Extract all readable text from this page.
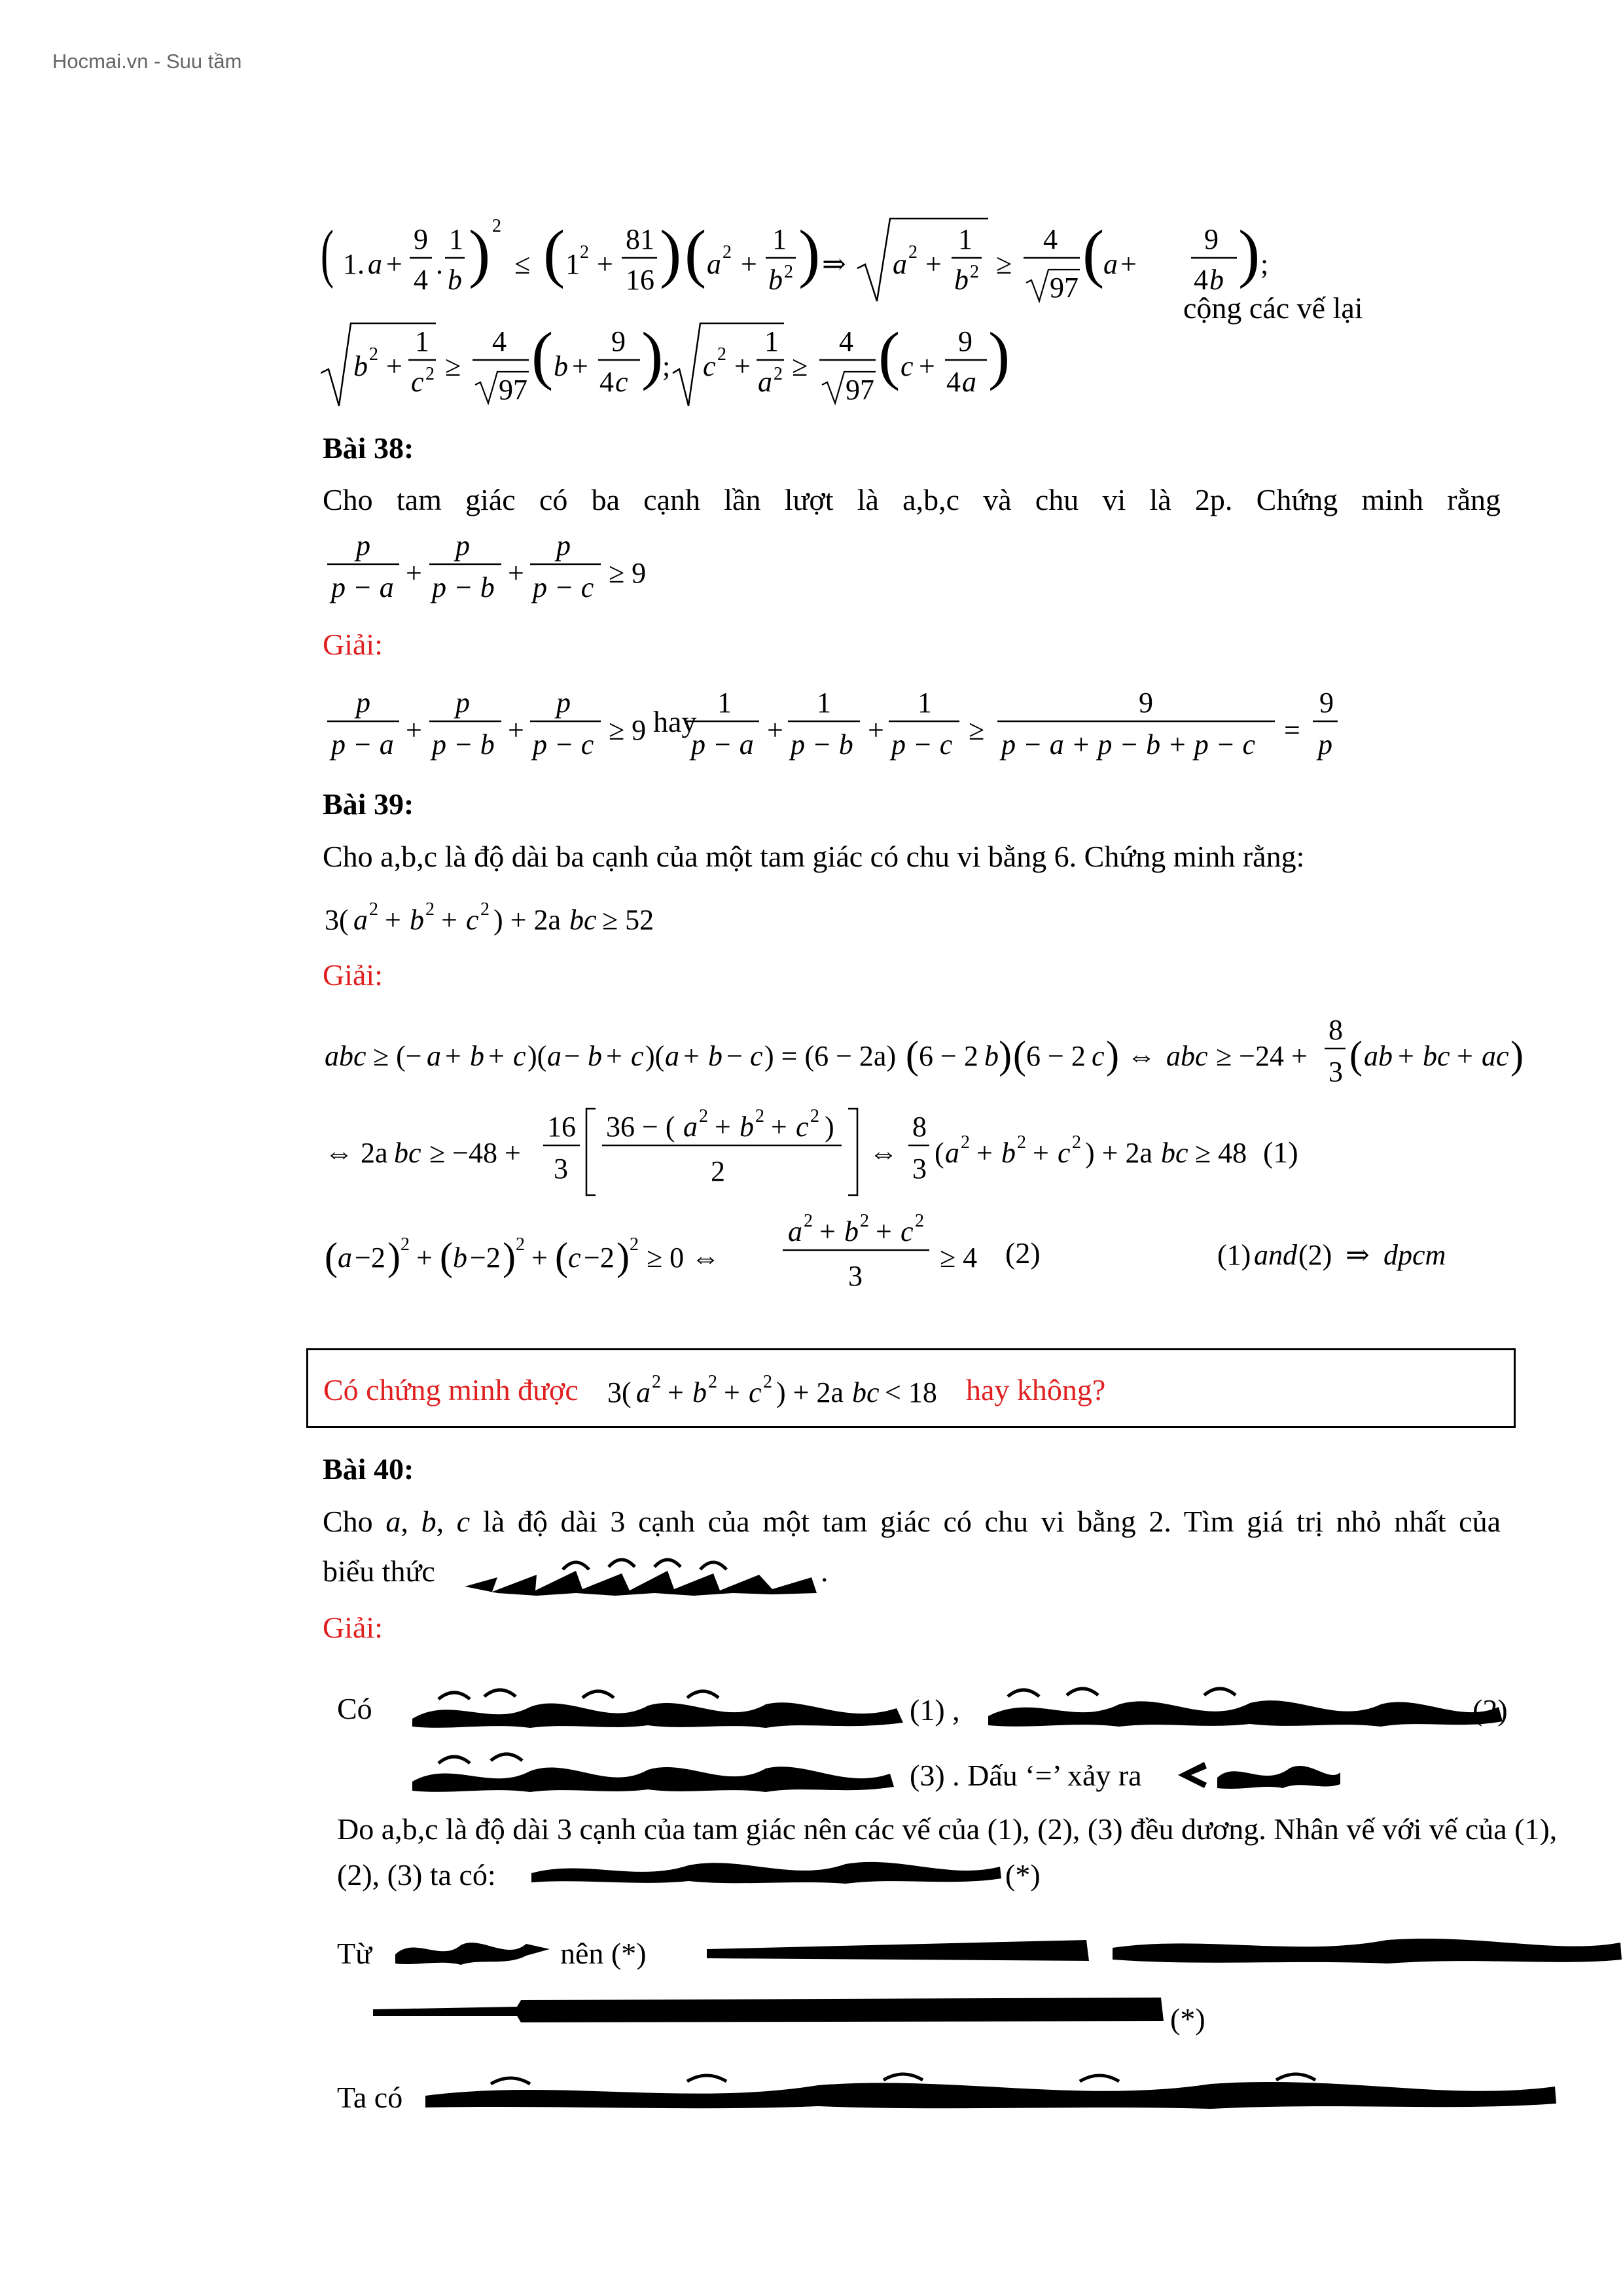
Hocmai.vn - Suu tầm
( 1. a +
9
4 .
1
b ) 2
≤ ( 1 2 +
81
16 ) ( a 2 +
1
b 2 ) ⇒ a 2 +
1
b 2 ≥
4
97 (
a +
9
4 b ) ;
cộng các vế lại
b 2 +
1
c 2 ≥
4
97 ( b +
9
4 c )
; c 2 +
1
a 2 ≥
4
97 ( c +
9
4 a )
Bài 38:
Cho tam giác có ba cạnh lần lượt là a,b,c và chu vi là 2p. Chứng minh rằng
p
p − a +
p
p − b +
p
p − c ≥ 9
Giải:
p
p − a +
p
p − b +
p
p − c ≥ 9
1
p − a +
1
p − b +
1
p − c ≥
9
p − a + p − b + p − c =
9
p
hay
Bài 39:
Cho a,b,c là độ dài ba cạnh của một tam giác có chu vi bằng 6. Chứng minh rằng:
3( a 2 + b 2 + c 2 ) + 2a bc ≥ 52
Giải:
abc ≥ (− a + b + c )( a − b + c )( a + b − c ) = (6 − 2a) ( 6 − 2 b ) ( 6 − 2 c ) ⇔ abc ≥ −24 +
8
3 ( ab + bc + ac )
⇔ 2a bc ≥ −48 +
16
3
36 − ( a 2 + b 2 + c 2 )
2
⇔
8
3 ( a 2 + b 2 + c 2 ) + 2a bc ≥ 48 (1)
( a −2 ) 2 + ( b −2 ) 2 + ( c −2 ) 2 ≥ 0 ⇔
a 2 + b 2 + c 2
3
≥ 4 (2)	(1) and (2) ⇒ dpcm
Có chứng minh được 3( a 2 + b 2 + c 2 ) + 2a bc < 18 hay không?
Bài 40:
Cho a, b, c là độ dài 3 cạnh của một tam giác có chu vi bằng 2. Tìm giá trị nhỏ nhất của
biểu thức	.
Giải:
Có	(1) ,	(2)
(3) . Dấu ‘=’ xảy ra
Do a,b,c là độ dài 3 cạnh của tam giác nên các vế của (1), (2), (3) đều dương. Nhân vế với vế của (1),
(2), (3) ta có:	(*)
Từ	nên (*)
(*)
Ta có
